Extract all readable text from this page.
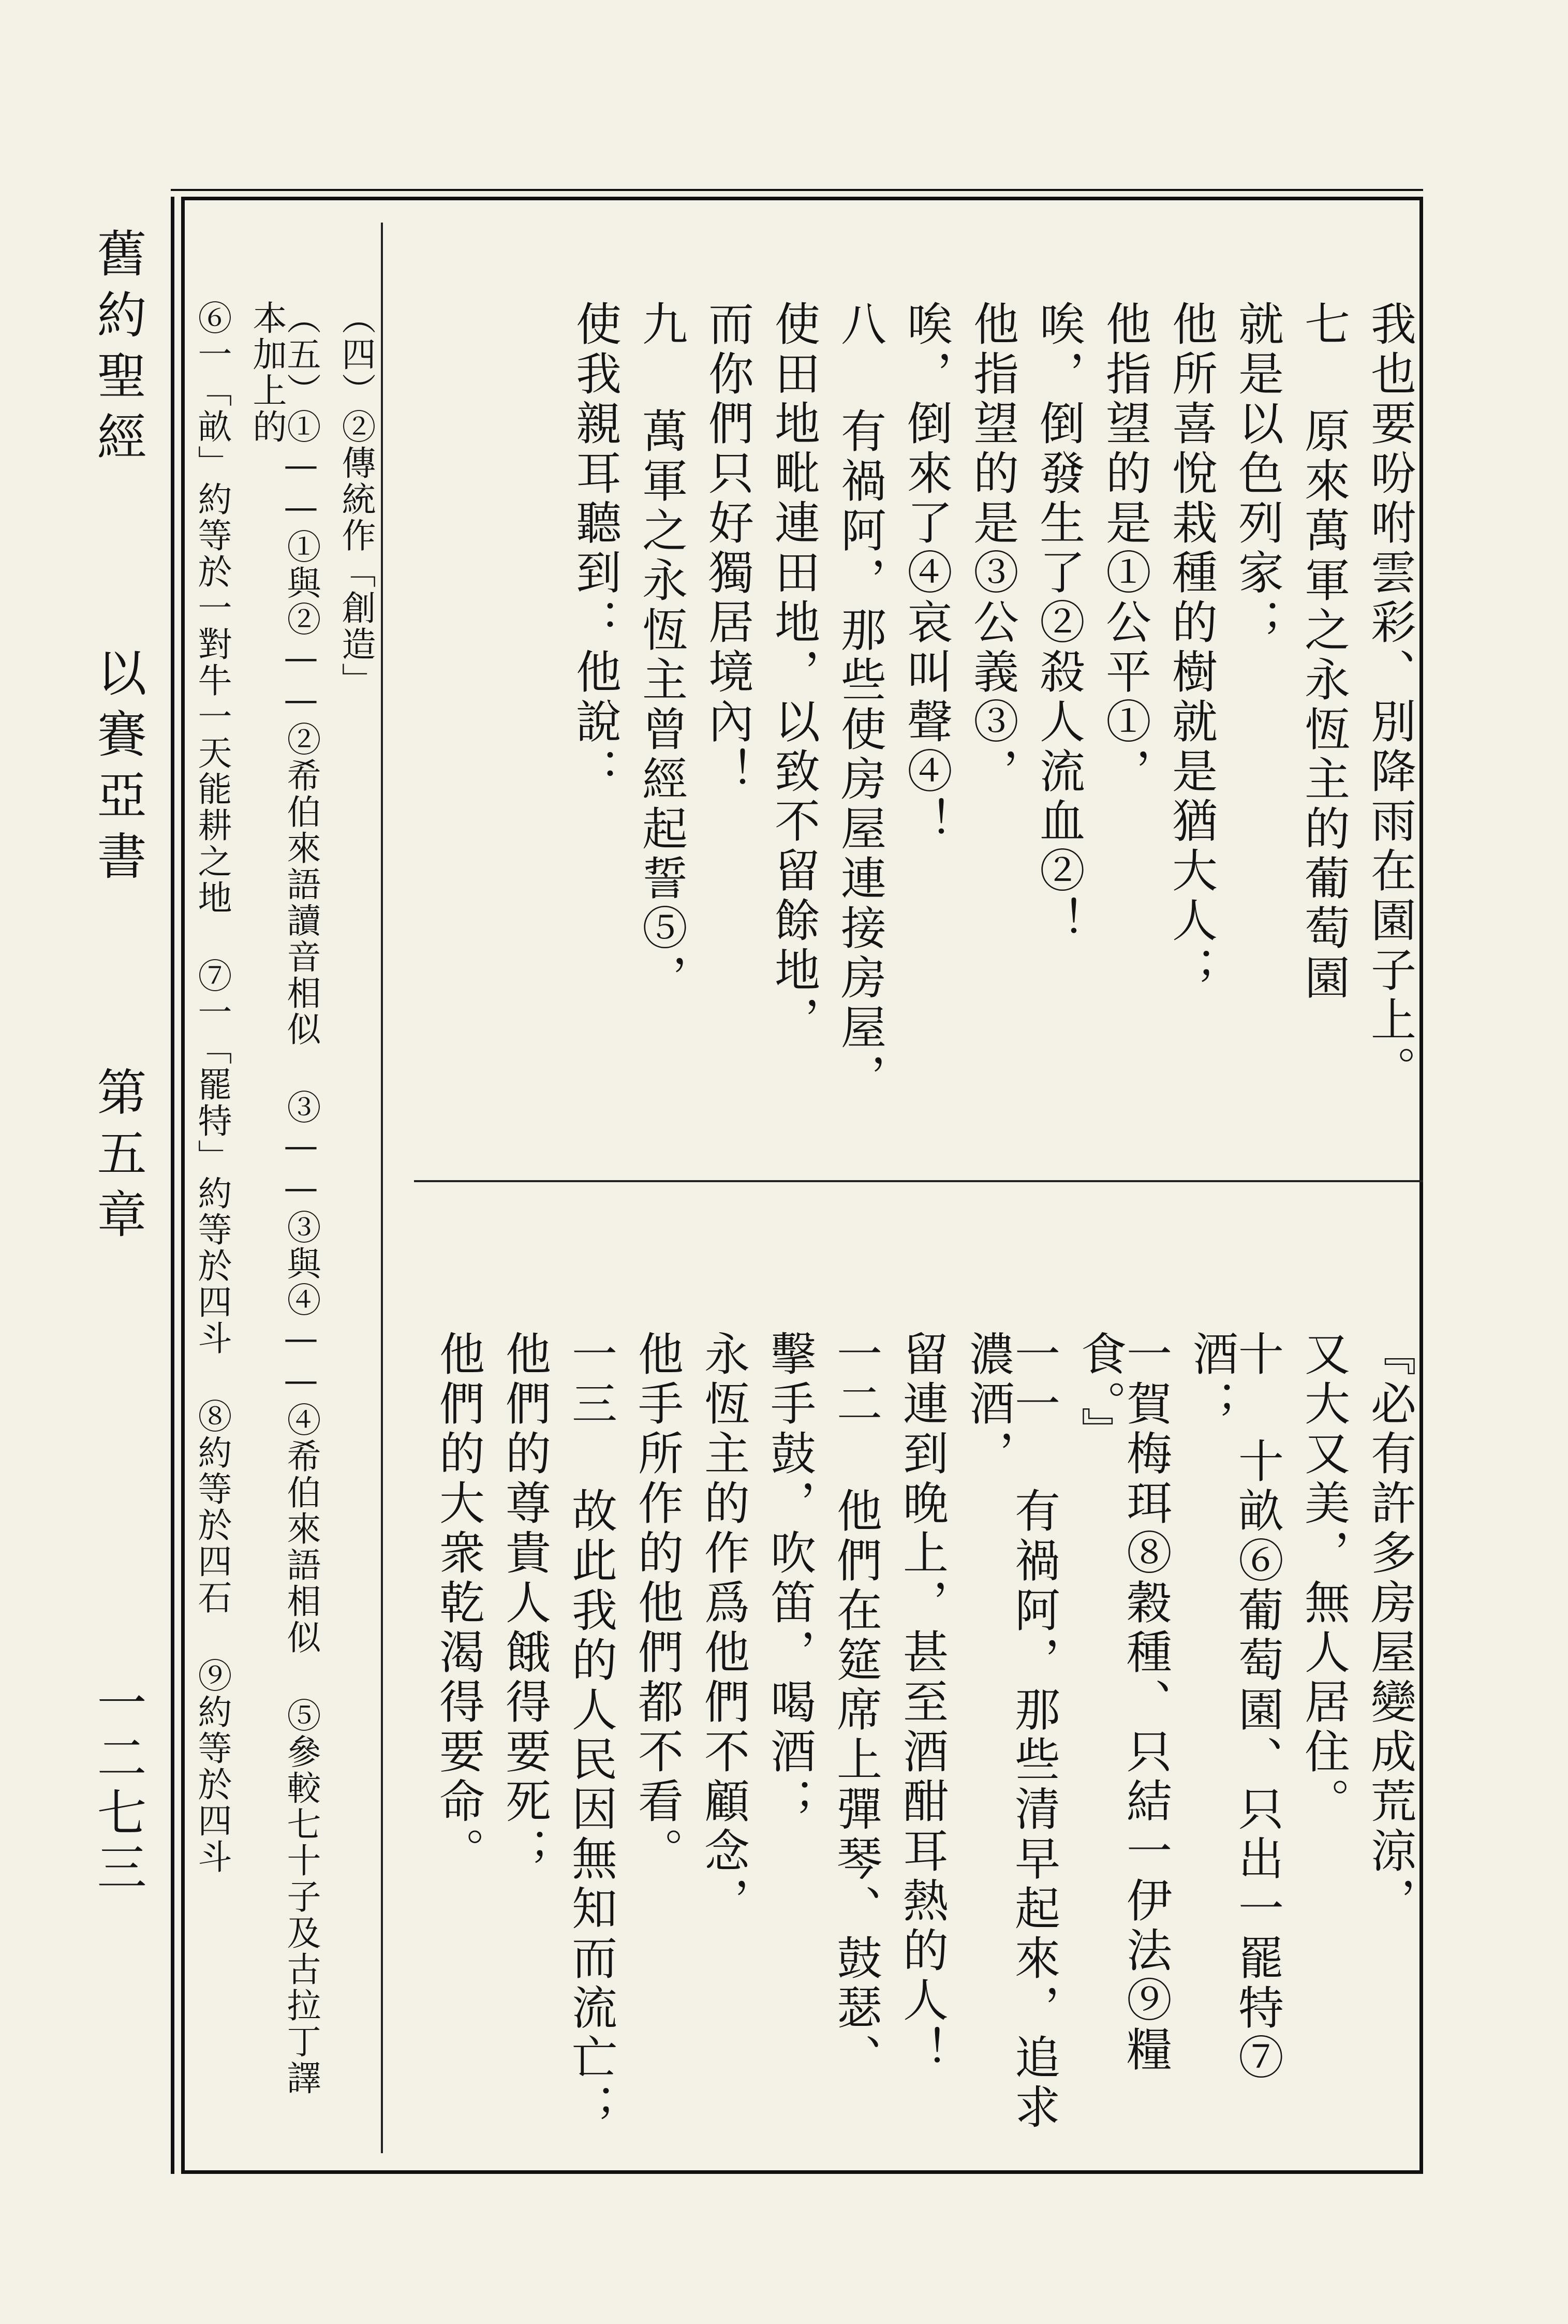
舊約聖經
以賽亞書
第五章
一二七三
我也要吩咐雲彩、別降雨在園子上。
七 原來萬軍之永恆主的葡萄園
就是以色列家；
他所喜悅栽種的樹就是猶大人；
他指望的是①公平①，
唉，倒發生了②殺人流血②！
他指望的是③公義③，
唉，倒來了④哀叫聲④！
八 有禍阿，那些使房屋連接房屋，
使田地毗連田地，以致不留餘地，
而你們只好獨居境內！
九 萬軍之永恆主曾經起誓⑤，
使我親耳聽到：他說：
『必有許多房屋變成荒涼，
又大又美，無人居住。
十 十畝⑥葡萄園、只出一罷特⑦酒；
一賀梅珥⑧穀種、只結一伊法⑨糧食。』
一一 有禍阿，那些清早起來，追求濃酒，
留連到晚上，甚至酒酣耳熱的人！
一二 他們在筵席上彈琴、鼓瑟、
擊手鼓，吹笛，喝酒；
永恆主的作爲他們不顧念，
他手所作的他們都不看。
一三 故此我的人民因無知而流亡；
他們的尊貴人餓得要死；
他們的大衆乾渴得要命。
（四）②傳統作「創造」
（五）①——①與②——②希伯來語讀音相似 ③——③與④——④希伯來語相似 ⑤參較七十子及古拉丁譯本加上的
⑥一「畝」約等於一對牛一天能耕之地 ⑦一「罷特」約等於四斗 ⑧約等於四石 ⑨約等於四斗
